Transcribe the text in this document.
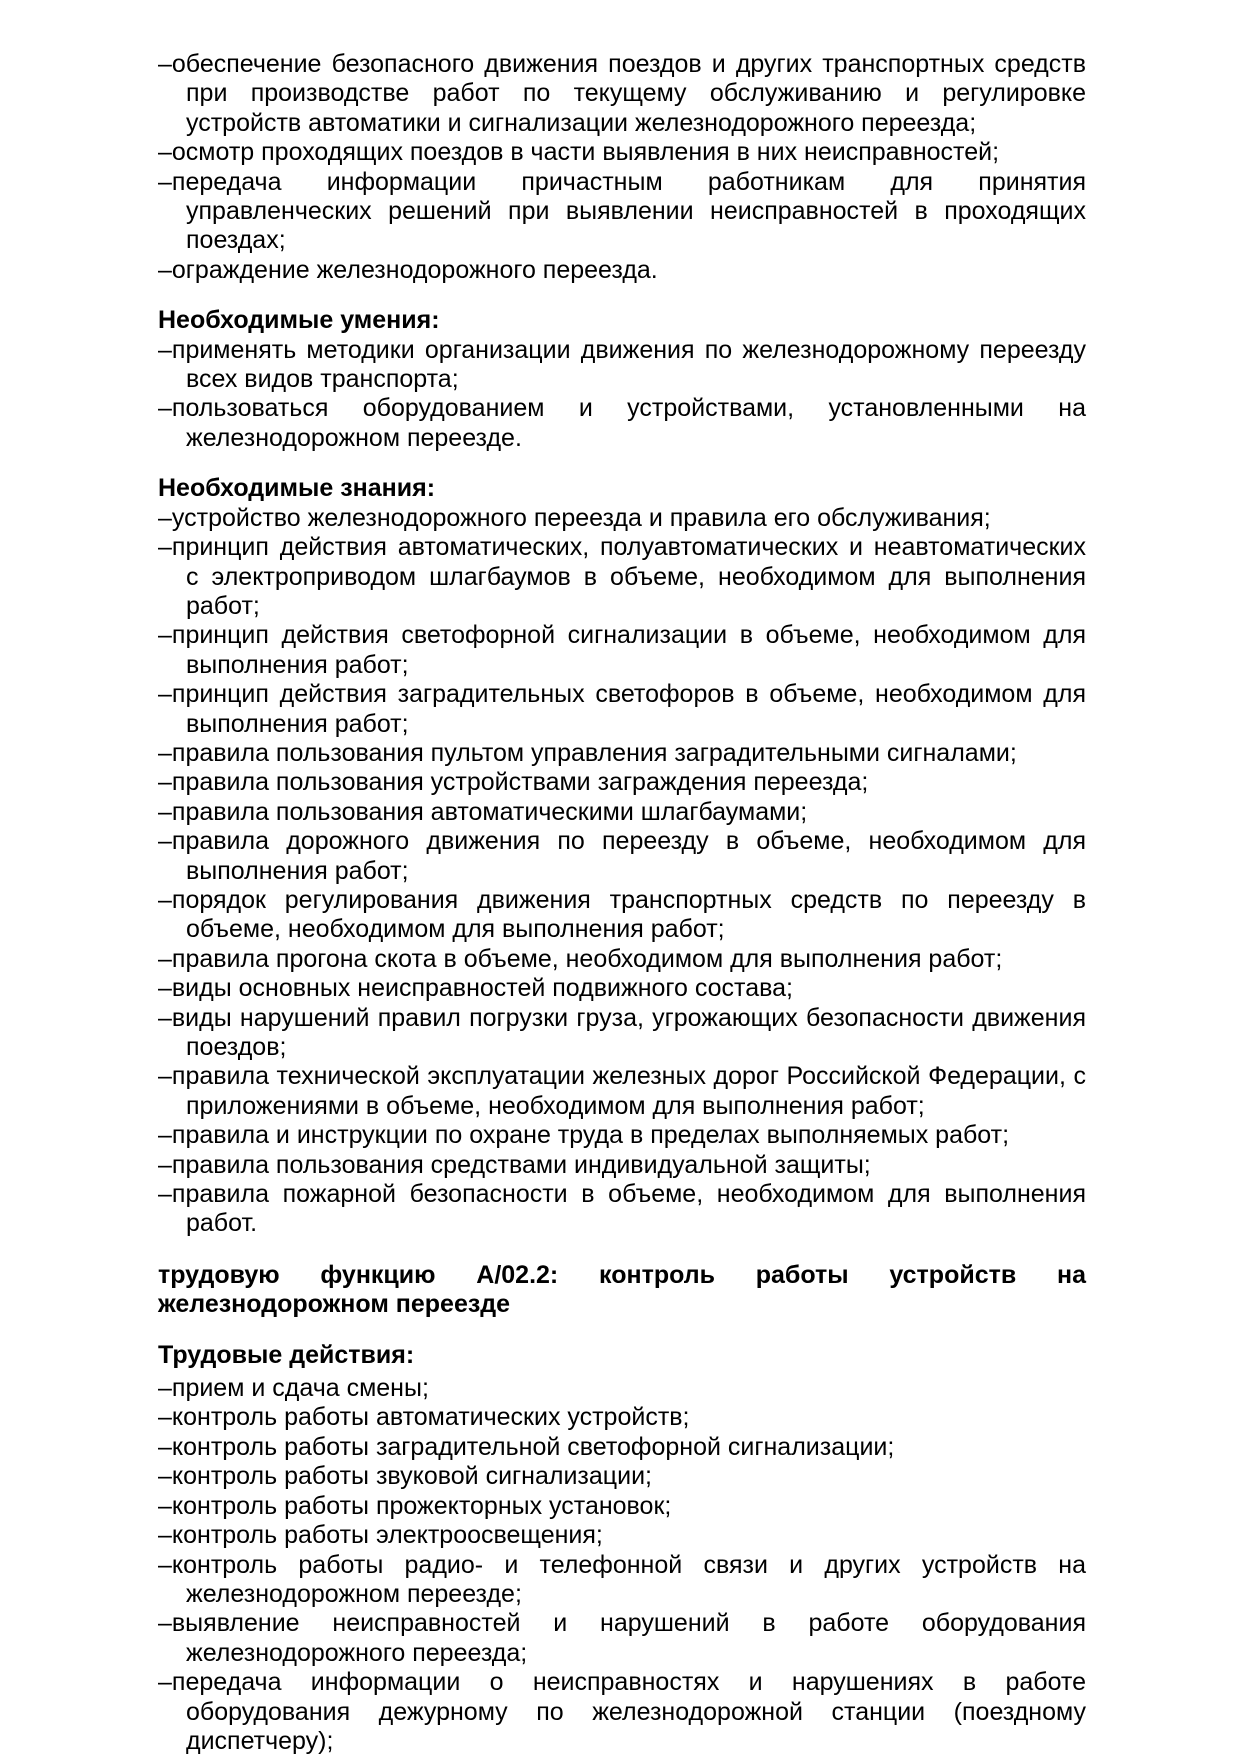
–обеспечение безопасного движения поездов и других транспортных средств при производстве работ по текущему обслуживанию и регулировке устройств автоматики и сигнализации железнодорожного переезда;
–осмотр проходящих поездов в части выявления в них неисправностей;
–передача информации причастным работникам для принятия управленческих решений при выявлении неисправностей в проходящих поездах;
–ограждение железнодорожного переезда.

Необходимые умения:

–применять методики организации движения по железнодорожному переезду всех видов транспорта;
–пользоваться оборудованием и устройствами, установленными на железнодорожном переезде.

Необходимые знания:

–устройство железнодорожного переезда и правила его обслуживания;
–принцип действия автоматических, полуавтоматических и неавтоматических с электроприводом шлагбаумов в объеме, необходимом для выполнения работ;
–принцип действия светофорной сигнализации в объеме, необходимом для выполнения работ;
–принцип действия заградительных светофоров в объеме, необходимом для выполнения работ;
–правила пользования пультом управления заградительными сигналами;
–правила пользования устройствами заграждения переезда;
–правила пользования автоматическими шлагбаумами;
–правила дорожного движения по переезду в объеме, необходимом для выполнения работ;
–порядок регулирования движения транспортных средств по переезду в объеме, необходимом для выполнения работ;
–правила прогона скота в объеме, необходимом для выполнения работ;
–виды основных неисправностей подвижного состава;
–виды нарушений правил погрузки груза, угрожающих безопасности движения поездов;
–правила технической эксплуатации железных дорог Российской Федерации, с приложениями в объеме, необходимом для выполнения работ;
–правила и инструкции по охране труда в пределах выполняемых работ;
–правила пользования средствами индивидуальной защиты;
–правила пожарной безопасности в объеме, необходимом для выполнения работ.

трудовую функцию А/02.2: контроль работы устройств на железнодорожном переезде

Трудовые действия:

–прием и сдача смены;
–контроль работы автоматических устройств;
–контроль работы заградительной светофорной сигнализации;
–контроль работы звуковой сигнализации;
–контроль работы прожекторных установок;
–контроль работы электроосвещения;
–контроль работы радио- и телефонной связи и других устройств на железнодорожном переезде;
–выявление неисправностей и нарушений в работе оборудования железнодорожного переезда;
–передача информации о неисправностях и нарушениях в работе оборудования дежурному по железнодорожной станции (поездному диспетчеру);
